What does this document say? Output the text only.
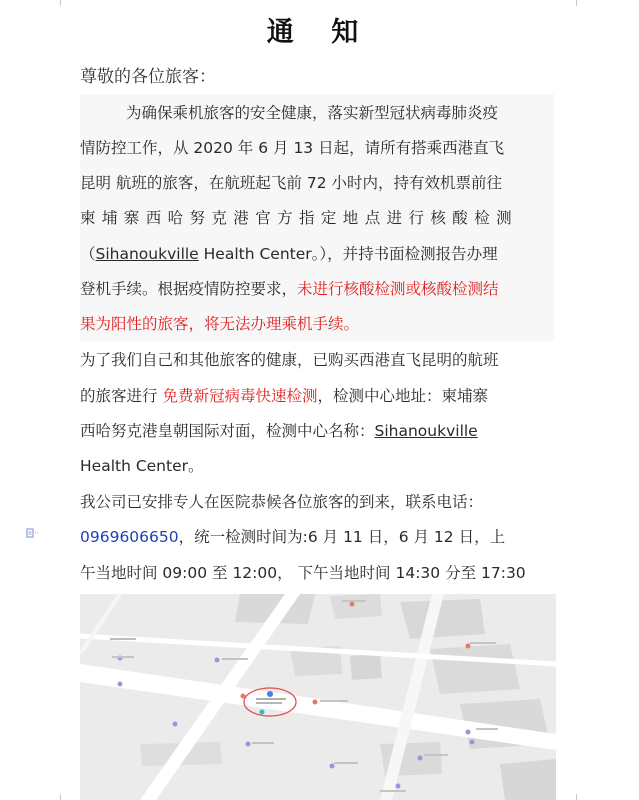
通 知
尊敬的各位旅客：
为确保乘机旅客的安全健康，落实新型冠状病毒肺炎疫
情防控工作，从 2020 年 6 月 13 日起，请所有搭乘西港直飞
昆明 航班的旅客，在航班起飞前 72 小时内，持有效机票前往
柬埔寨西哈努克港官方指定地点进行核酸检测
（Sihanoukville Health Center。），并持书面检测报告办理
登机手续。根据疫情防控要求，未进行核酸检测或核酸检测结
果为阳性的旅客，将无法办理乘机手续。
为了我们自己和其他旅客的健康，已购买西港直飞昆明的航班
的旅客进行 免费新冠病毒快速检测，检测中心地址：柬埔寨
西哈努克港皇朝国际对面，检测中心名称：Sihanoukville
Health Center。
我公司已安排专人在医院恭候各位旅客的到来，联系电话：
0969606650，统一检测时间为:6 月 11 日，6 月 12 日，上
午当地时间 09:00 至 12:00， 下午当地时间 14:30 分至 17:30
